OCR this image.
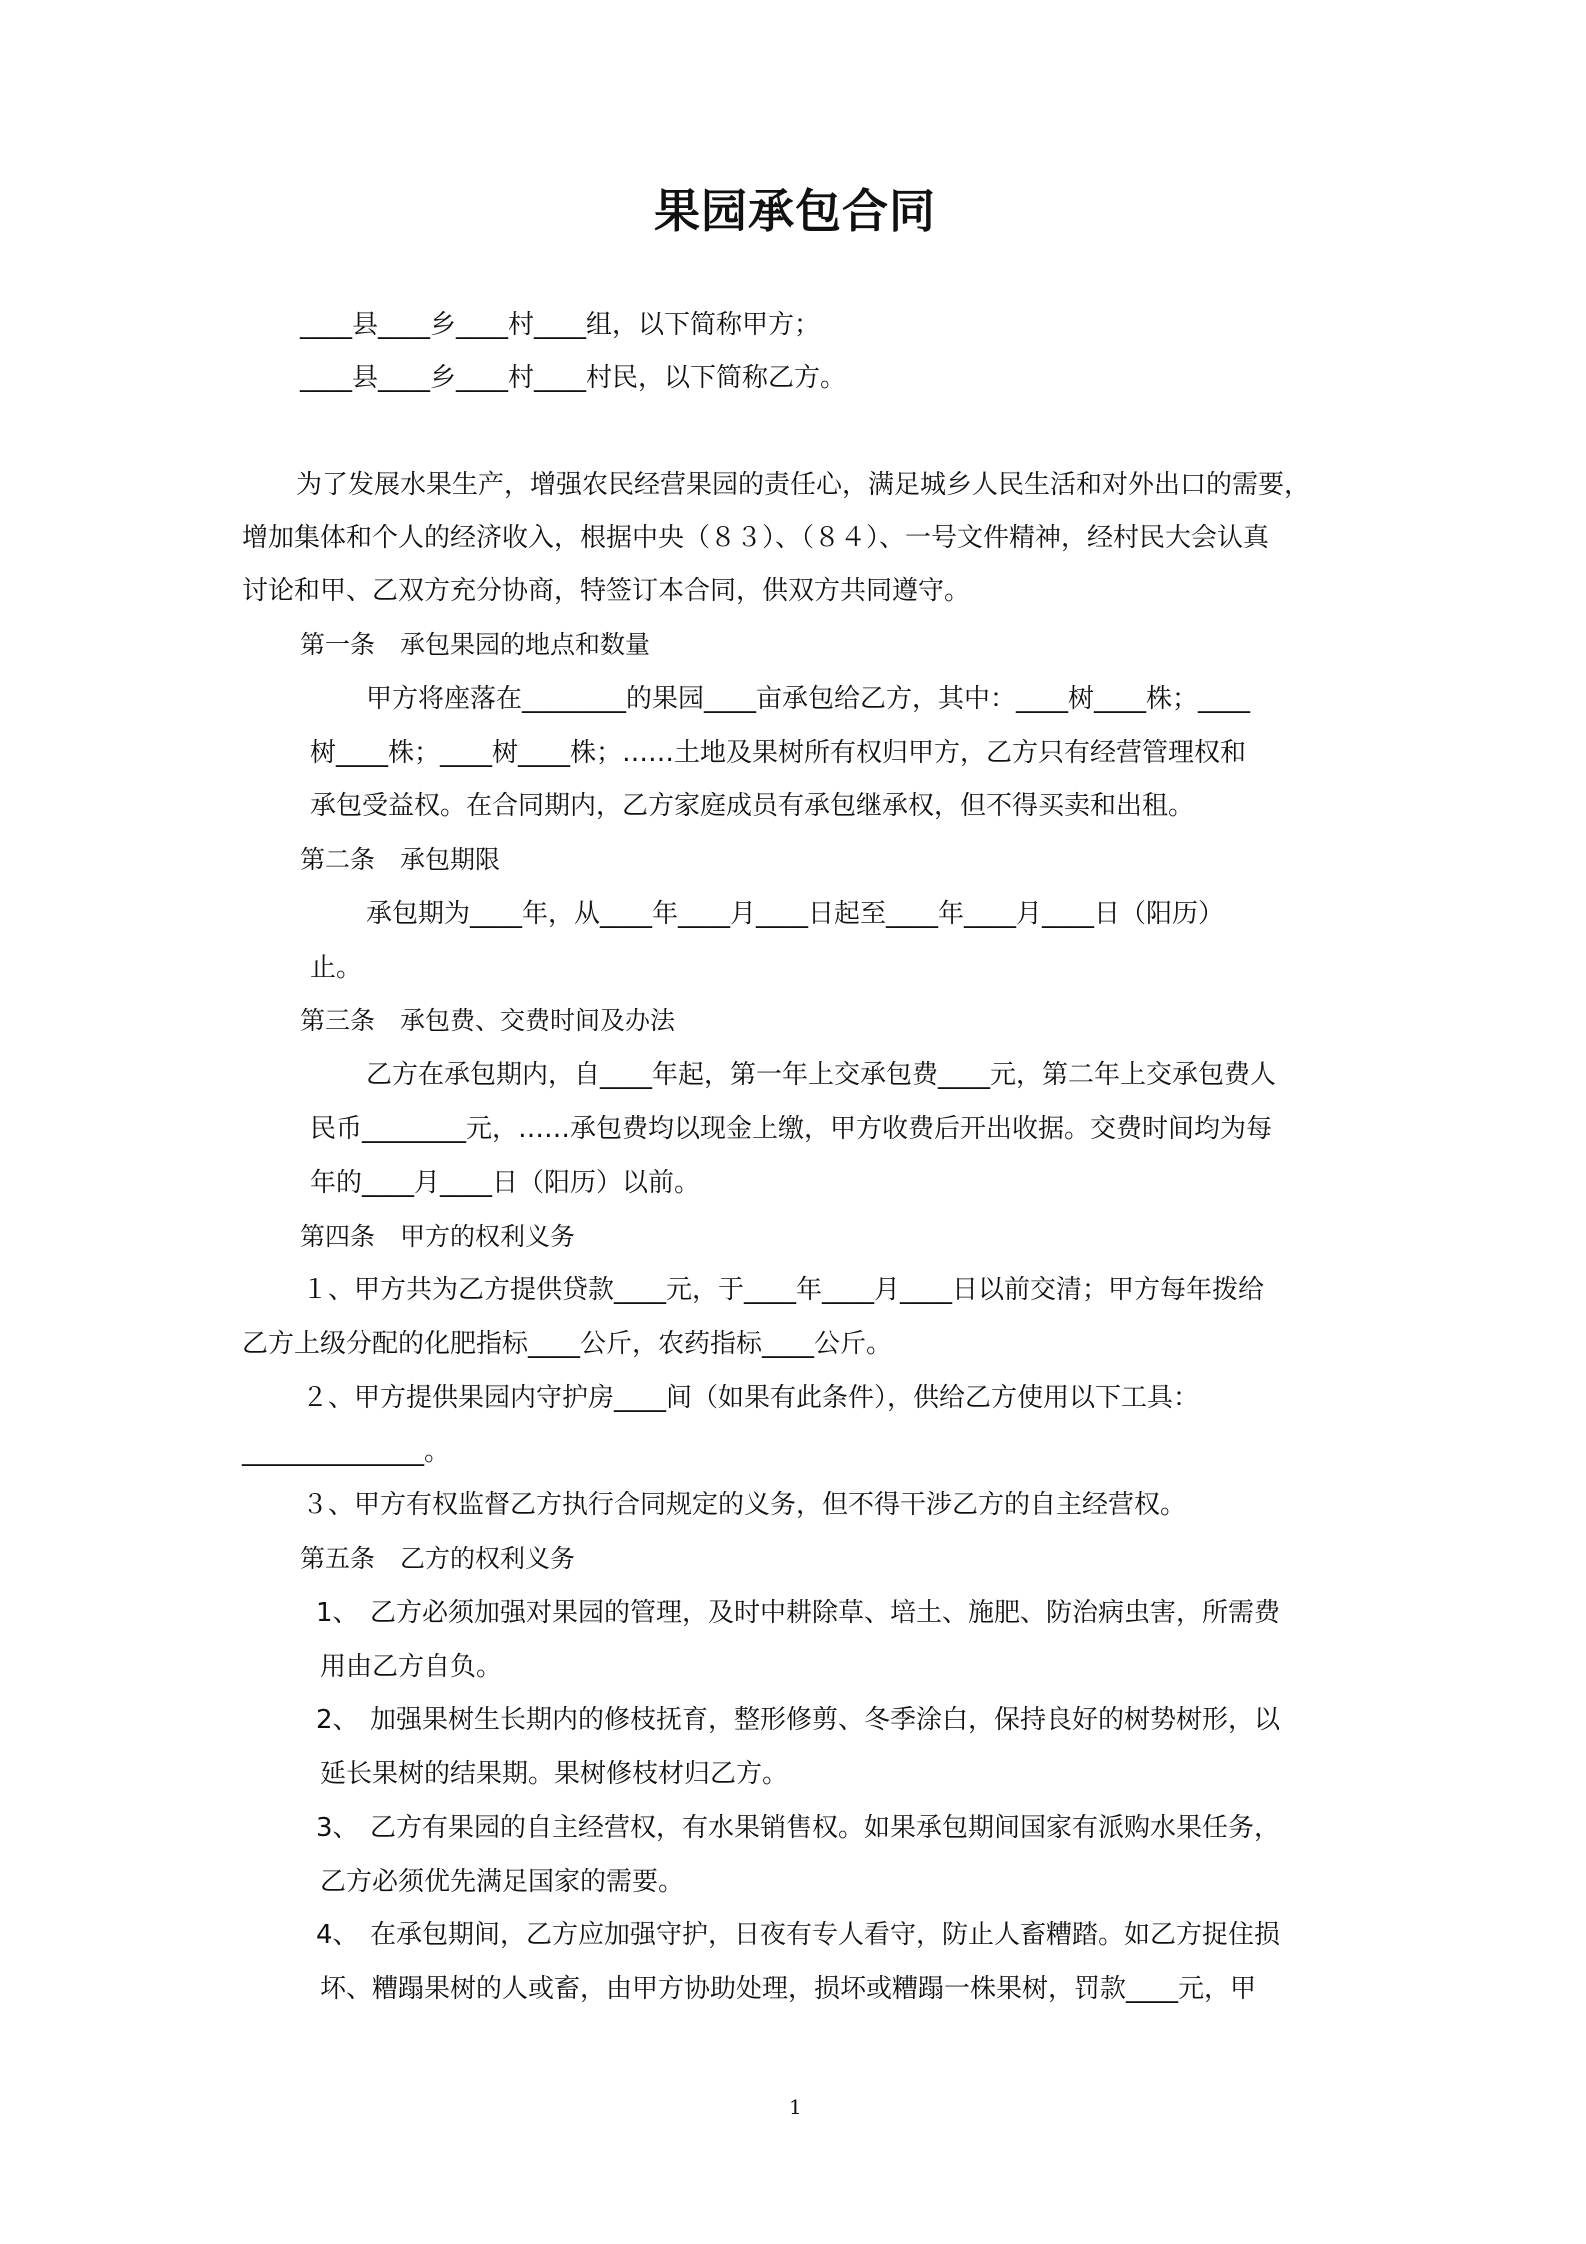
果园承包合同
____县____乡____村____组，以下简称甲方；
____县____乡____村____村民，以下简称乙方。
为了发展水果生产，增强农民经营果园的责任心，满足城乡人民生活和对外出口的需要，
增加集体和个人的经济收入，根据中央（８３）、（８４）、一号文件精神，经村民大会认真
讨论和甲、乙双方充分协商，特签订本合同，供双方共同遵守。
第一条　承包果园的地点和数量
甲方将座落在________的果园____亩承包给乙方，其中：____树____株；____
树____株；____树____株；……土地及果树所有权归甲方，乙方只有经营管理权和
承包受益权。在合同期内，乙方家庭成员有承包继承权，但不得买卖和出租。
第二条　承包期限
承包期为____年，从____年____月____日起至____年____月____日（阳历）
止。
第三条　承包费、交费时间及办法
乙方在承包期内，自____年起，第一年上交承包费____元，第二年上交承包费人
民币________元，……承包费均以现金上缴，甲方收费后开出收据。交费时间均为每
年的____月____日（阳历）以前。
第四条　甲方的权利义务
１、甲方共为乙方提供贷款____元，于____年____月____日以前交清；甲方每年拨给
乙方上级分配的化肥指标____公斤，农药指标____公斤。
２、甲方提供果园内守护房____间（如果有此条件），供给乙方使用以下工具：
______________。
３、甲方有权监督乙方执行合同规定的义务，但不得干涉乙方的自主经营权。
第五条　乙方的权利义务
1、 乙方必须加强对果园的管理，及时中耕除草、培土、施肥、防治病虫害，所需费
用由乙方自负。
2、 加强果树生长期内的修枝抚育，整形修剪、冬季涂白，保持良好的树势树形，以
延长果树的结果期。果树修枝材归乙方。
3、 乙方有果园的自主经营权，有水果销售权。如果承包期间国家有派购水果任务，
乙方必须优先满足国家的需要。
4、 在承包期间，乙方应加强守护，日夜有专人看守，防止人畜糟踏。如乙方捉住损
坏、糟蹋果树的人或畜，由甲方协助处理，损坏或糟蹋一株果树，罚款____元，甲
1
